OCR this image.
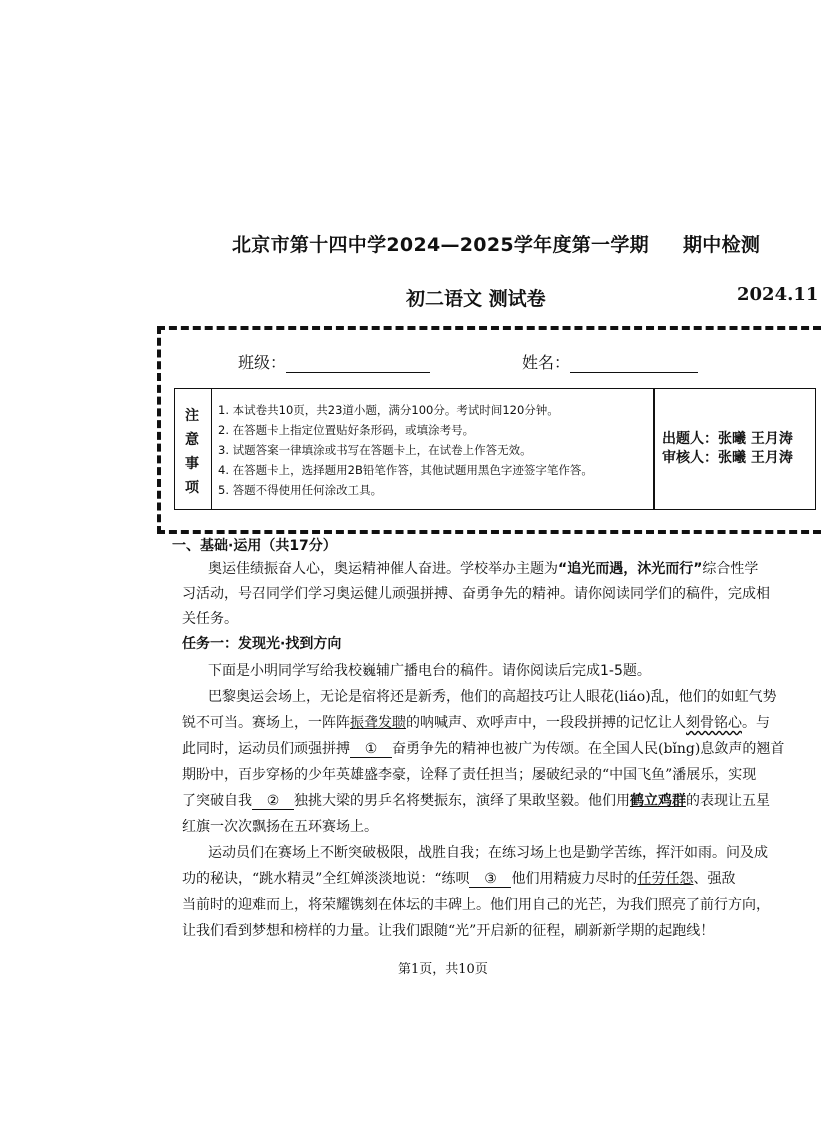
北京市第十四中学2024—2025学年度第一学期 期中检测
初二语文 测试卷	2024.11
班级：	姓名：
注
意
事
项
1. 本试卷共10页，共23道小题，满分100分。考试时间120分钟。
2. 在答题卡上指定位置贴好条形码，或填涂考号。
3. 试题答案一律填涂或书写在答题卡上，在试卷上作答无效。
4. 在答题卡上，选择题用2B铅笔作答，其他试题用黑色字迹签字笔作答。
5. 答题不得使用任何涂改工具。
出题人：张曦 王月涛
审核人：张曦 王月涛
一、基础·运用（共17分）
奥运佳绩振奋人心，奥运精神催人奋进。学校举办主题为“追光而遇，沐光而行”综合性学
习活动，号召同学们学习奥运健儿顽强拼搏、奋勇争先的精神。请你阅读同学们的稿件，完成相
关任务。
任务一：发现光·找到方向
下面是小明同学写给我校巍辅广播电台的稿件。请你阅读后完成1-5题。
巴黎奥运会场上，无论是宿将还是新秀，他们的高超技巧让人眼花(liáo)乱，他们的如虹气势
锐不可当。赛场上，一阵阵振聋发聩的呐喊声、欢呼声中，一段段拼搏的记忆让人刻骨铭心。与
此同时，运动员们顽强拼搏 ① 奋勇争先的精神也被广为传颂。在全国人民(bǐng)息敛声的翘首
期盼中，百步穿杨的少年英雄盛李豪，诠释了责任担当；屡破纪录的“中国飞鱼”潘展乐，实现
了突破自我 ② 独挑大梁的男乒名将樊振东，演绎了果敢坚毅。他们用鹤立鸡群的表现让五星
红旗一次次飘扬在五环赛场上。
运动员们在赛场上不断突破极限，战胜自我；在练习场上也是勤学苦练，挥汗如雨。问及成
功的秘诀，“跳水精灵”全红婵淡淡地说：“练呗 ③ 他们用精疲力尽时的任劳任怨、强敌
当前时的迎难而上，将荣耀镌刻在体坛的丰碑上。他们用自己的光芒，为我们照亮了前行方向，
让我们看到梦想和榜样的力量。让我们跟随“光”开启新的征程，刷新新学期的起跑线！
第1页，共10页
